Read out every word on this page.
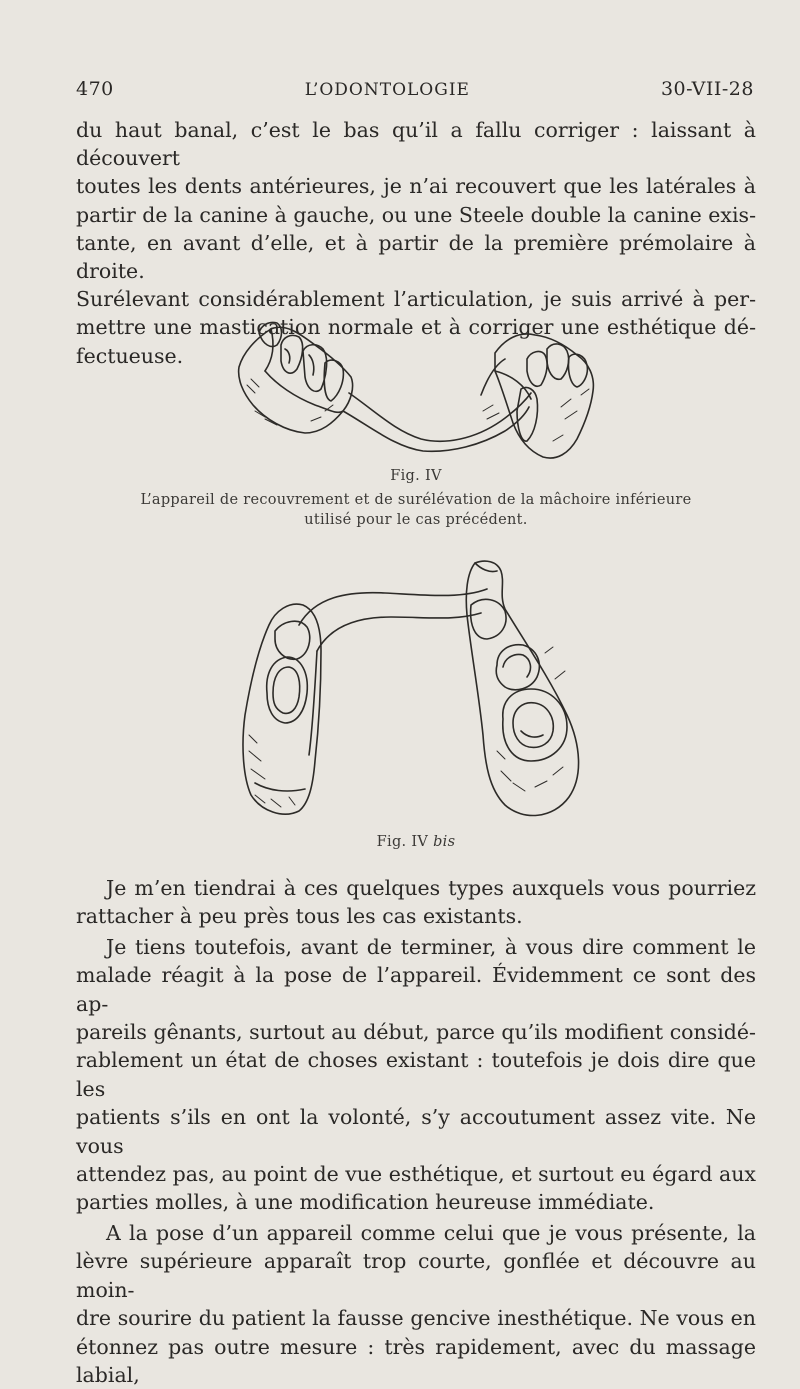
470	L’ODONTOLOGIE	30-VII-28
du haut banal, c’est le bas qu’il a fallu corriger : laissant à découvert
toutes les dents antérieures, je n’ai recouvert que les latérales à
partir de la canine à gauche, ou une Steele double la canine exis-
tante, en avant d’elle, et à partir de la première prémolaire à droite.
Surélevant considérablement l’articulation, je suis arrivé à per-
mettre une mastication normale et à corriger une esthétique dé-
fectueuse.
Fig. IV
L’appareil de recouvrement et de surélévation de la mâchoire inférieure
utilisé pour le cas précédent.
Fig. IV bis

Je m’en tiendrai à ces quelques types auxquels vous pourriez
rattacher à peu près tous les cas existants.

Je tiens toutefois, avant de terminer, à vous dire comment le
malade réagit à la pose de l’appareil. Évidemment ce sont des ap-
pareils gênants, surtout au début, parce qu’ils modifient considé-
rablement un état de choses existant : toutefois je dois dire que les
patients s’ils en ont la volonté, s’y accoutument assez vite. Ne vous
attendez pas, au point de vue esthétique, et surtout eu égard aux
parties molles, à une modification heureuse immédiate.

A la pose d’un appareil comme celui que je vous présente, la
lèvre supérieure apparaît trop courte, gonflée et découvre au moin-
dre sourire du patient la fausse gencive inesthétique. Ne vous en
étonnez pas outre mesure : très rapidement, avec du massage labial,
